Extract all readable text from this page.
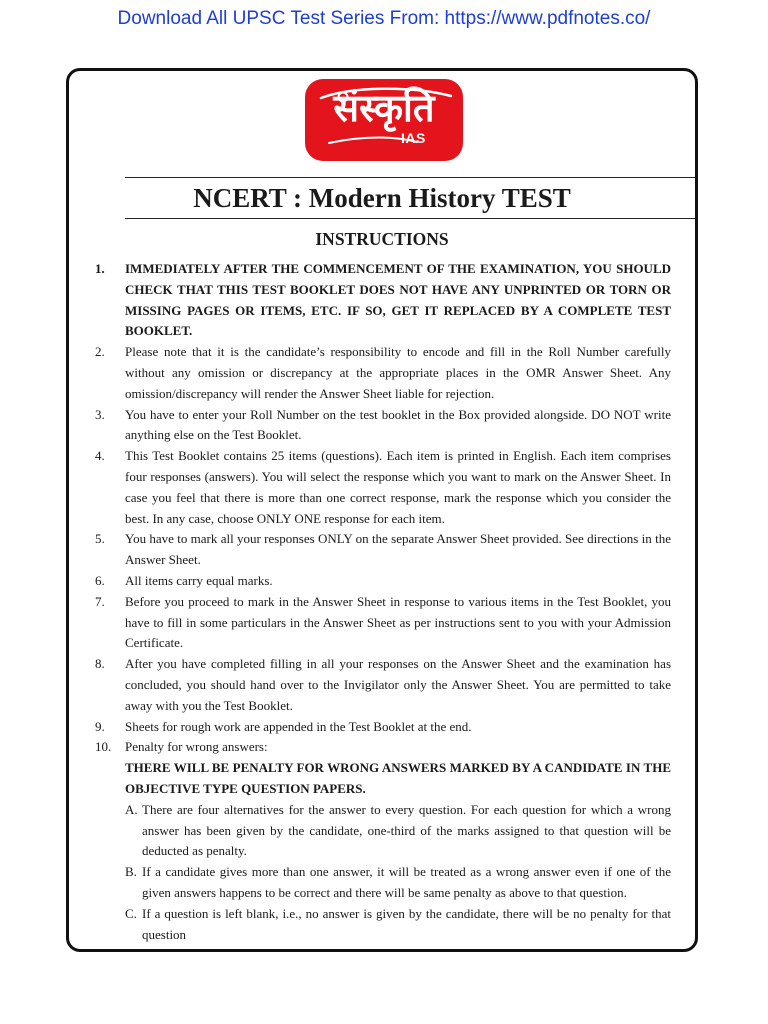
Download All UPSC Test Series From: https://www.pdfnotes.co/
संस्कृति
IAS
NCERT : Modern History TEST
INSTRUCTIONS
1. IMMEDIATELY AFTER THE COMMENCEMENT OF THE EXAMINATION, YOU SHOULD CHECK THAT THIS TEST BOOKLET DOES NOT HAVE ANY UNPRINTED OR TORN OR MISSING PAGES OR ITEMS, ETC. IF SO, GET IT REPLACED BY A COMPLETE TEST BOOKLET.
2. Please note that it is the candidate’s responsibility to encode and fill in the Roll Number carefully without any omission or discrepancy at the appropriate places in the OMR Answer Sheet. Any omission/discrepancy will render the Answer Sheet liable for rejection.
3. You have to enter your Roll Number on the test booklet in the Box provided alongside. DO NOT write anything else on the Test Booklet.
4. This Test Booklet contains 25 items (questions). Each item is printed in English. Each item comprises four responses (answers). You will select the response which you want to mark on the Answer Sheet. In case you feel that there is more than one correct response, mark the response which you consider the best. In any case, choose ONLY ONE response for each item.
5. You have to mark all your responses ONLY on the separate Answer Sheet provided. See directions in the Answer Sheet.
6. All items carry equal marks.
7. Before you proceed to mark in the Answer Sheet in response to various items in the Test Booklet, you have to fill in some particulars in the Answer Sheet as per instructions sent to you with your Admission Certificate.
8. After you have completed filling in all your responses on the Answer Sheet and the examination has concluded, you should hand over to the Invigilator only the Answer Sheet. You are permitted to take away with you the Test Booklet.
9. Sheets for rough work are appended in the Test Booklet at the end.
10. Penalty for wrong answers:
THERE WILL BE PENALTY FOR WRONG ANSWERS MARKED BY A CANDIDATE IN THE OBJECTIVE TYPE QUESTION PAPERS.
A. There are four alternatives for the answer to every question. For each question for which a wrong answer has been given by the candidate, one-third of the marks assigned to that question will be deducted as penalty.
B. If a candidate gives more than one answer, it will be treated as a wrong answer even if one of the given answers happens to be correct and there will be same penalty as above to that question.
C. If a question is left blank, i.e., no answer is given by the candidate, there will be no penalty for that question
